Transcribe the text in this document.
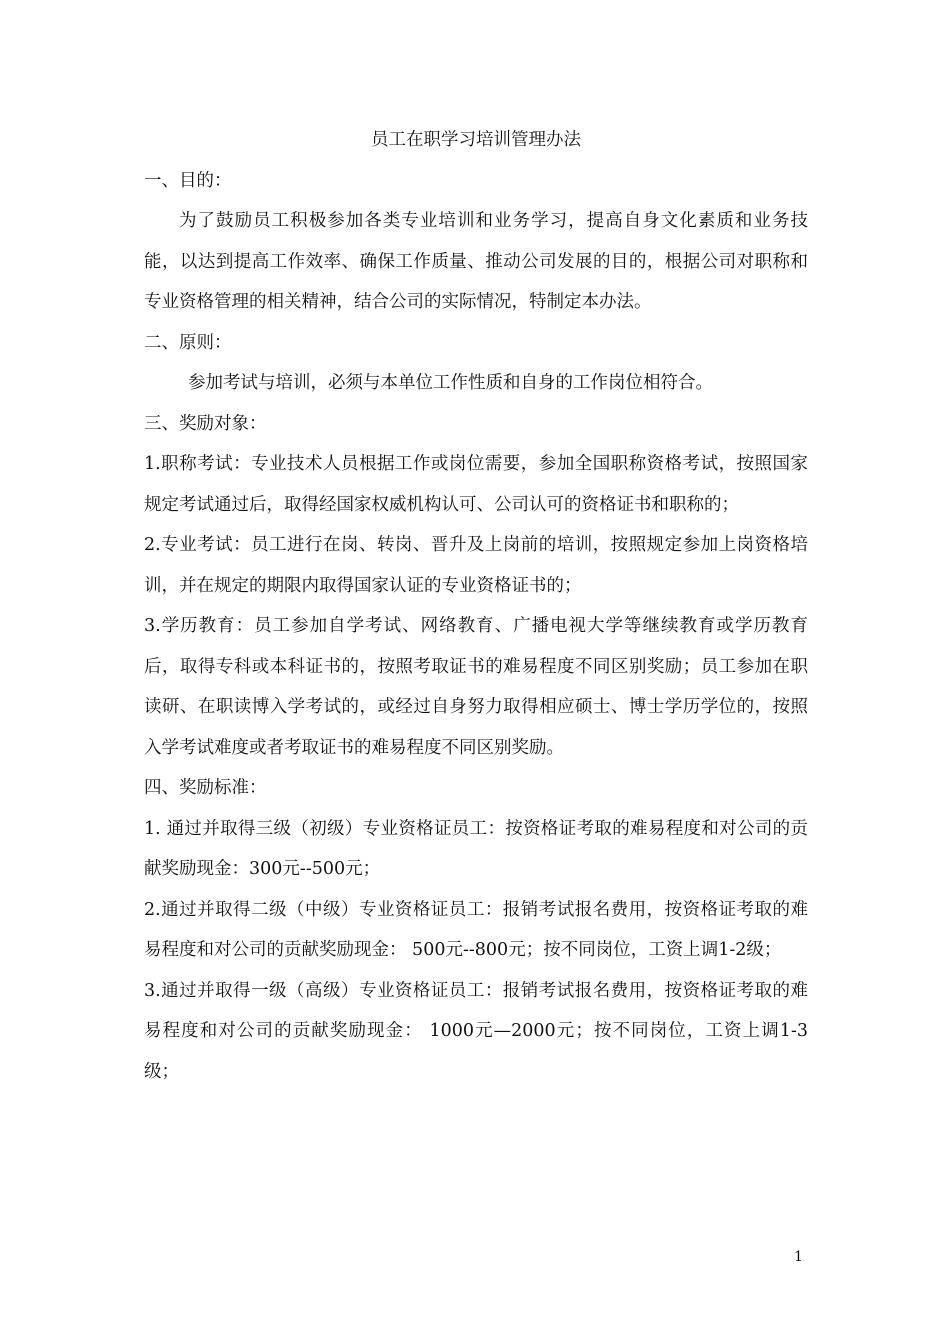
员工在职学习培训管理办法

一、目的：

为了鼓励员工积极参加各类专业培训和业务学习，提高自身文化素质和业务技能，以达到提高工作效率、确保工作质量、推动公司发展的目的，根据公司对职称和专业资格管理的相关精神，结合公司的实际情况，特制定本办法。

二、原则：

参加考试与培训，必须与本单位工作性质和自身的工作岗位相符合。

三、奖励对象：

1.职称考试：专业技术人员根据工作或岗位需要，参加全国职称资格考试，按照国家规定考试通过后，取得经国家权威机构认可、公司认可的资格证书和职称的；

2.专业考试：员工进行在岗、转岗、晋升及上岗前的培训，按照规定参加上岗资格培训，并在规定的期限内取得国家认证的专业资格证书的；

3.学历教育：员工参加自学考试、网络教育、广播电视大学等继续教育或学历教育后，取得专科或本科证书的，按照考取证书的难易程度不同区别奖励；员工参加在职读研、在职读博入学考试的，或经过自身努力取得相应硕士、博士学历学位的，按照入学考试难度或者考取证书的难易程度不同区别奖励。

四、奖励标准：

1. 通过并取得三级（初级）专业资格证员工：按资格证考取的难易程度和对公司的贡献奖励现金：300元--500元；

2.通过并取得二级（中级）专业资格证员工：报销考试报名费用，按资格证考取的难易程度和对公司的贡献奖励现金： 500元--800元；按不同岗位，工资上调1-2级；

3.通过并取得一级（高级）专业资格证员工：报销考试报名费用，按资格证考取的难易程度和对公司的贡献奖励现金： 1000元—2000元；按不同岗位，工资上调1-3级；

1
